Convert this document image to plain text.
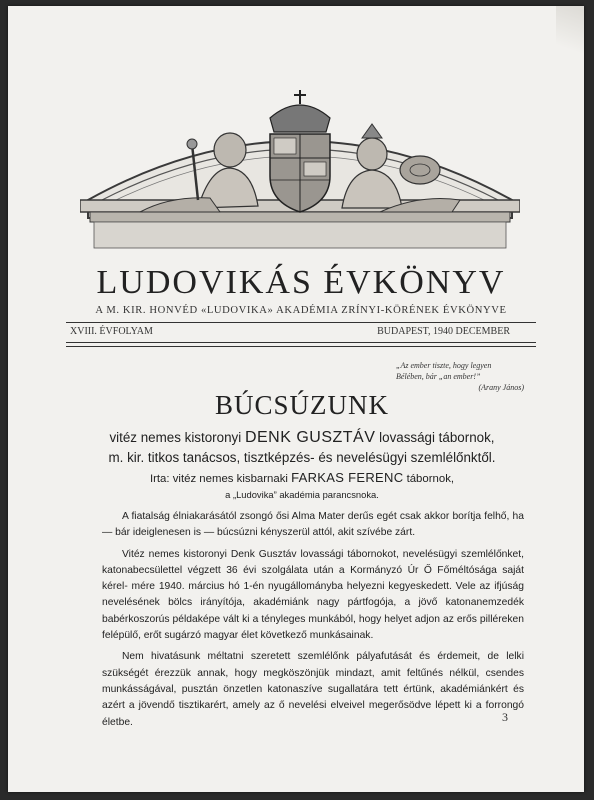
LUDOVIKÁS ÉVKÖNYV
A M. KIR. HONVÉD «LUDOVIKA» AKADÉMIA ZRÍNYI-KÖRÉNEK ÉVKÖNYVE
XVIII. ÉVFOLYAM	BUDAPEST, 1940 DECEMBER
„Az ember tiszte, hogy legyen
Bélében, bár „an ember!”
(Arany János)
BÚCSÚZUNK
vitéz nemes kistoronyi DENK GUSZTÁV lovassági tábornok,
m. kir. titkos tanácsos, tisztképzés- és nevelésügyi szemlélőnktől.
Irta: vitéz nemes kisbarnaki FARKAS FERENC tábornok,
a „Ludovika” akadémia parancsnoka.

A fiatalság élniakarásától zsongó ősi Alma Mater derűs egét csak akkor borítja felhő, ha — bár ideiglenesen is — búcsúzni kényszerül attól, akit szívébe zárt.

Vitéz nemes kistoronyi Denk Gusztáv lovassági tábornokot, nevelésügyi szemlélőnket, katonabecsülettel végzett 36 évi szolgálata után a Kormányzó Úr Ő Főméltósága saját kérel- mére 1940. március hó 1-én nyugállományba helyezni kegyeskedett. Vele az ifjúság nevelésének bölcs irányítója, akadémiánk nagy pártfogója, a jövő katonanemzedék babérkoszorús példaképe vált ki a tényleges munkából, hogy helyet adjon az erős pilléreken felépülő, erőt sugárzó magyar élet következő munkásainak.

Nem hivatásunk méltatni szeretett szemlélőnk pályafutását és érdemeit, de lelki szükségét érezzük annak, hogy megköszönjük mindazt, amit feltűnés nélkül, csendes munkásságával, pusztán önzetlen katonaszíve sugallatára tett értünk, akadémiánkért és azért a jövendő tisztikarért, amely az ő nevelési elveivel megerősödve lépett ki a forrongó életbe.	3
